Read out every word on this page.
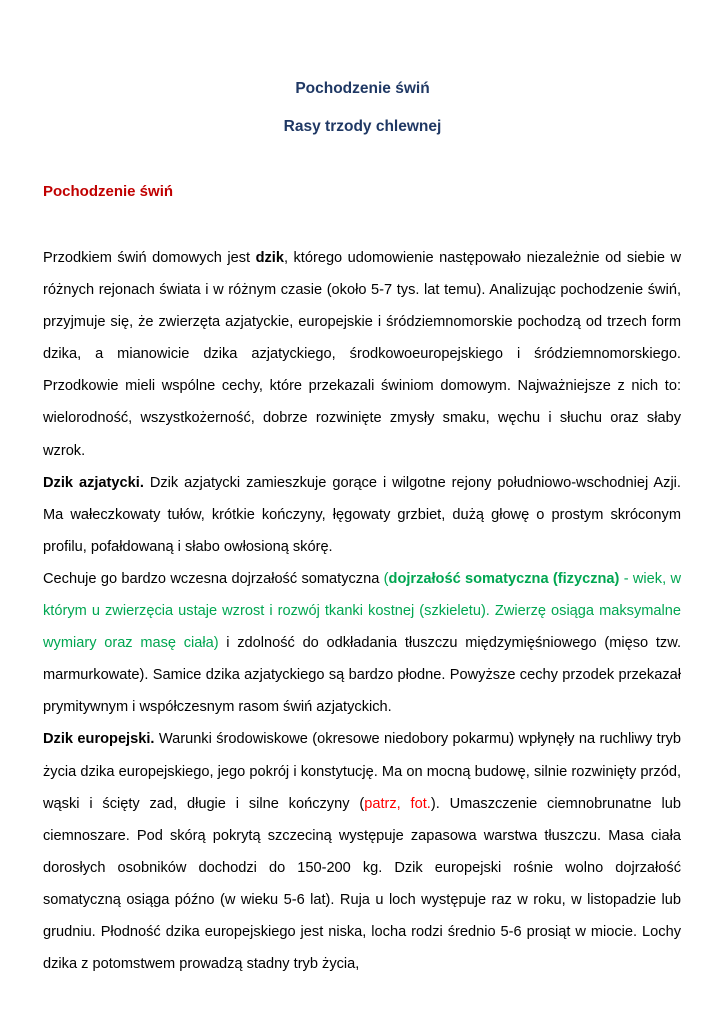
Pochodzenie świń
Rasy trzody chlewnej
Pochodzenie świń

Przodkiem świń domowych jest dzik, którego udomowienie następowało niezależnie od siebie w różnych rejonach świata i w różnym czasie (około 5-7 tys. lat temu). Analizując pochodzenie świń, przyjmuje się, że zwierzęta azjatyckie, europejskie i śródziemnomorskie pochodzą od trzech form dzika, a mianowicie dzika azjatyckiego, środkowoeuropejskiego i śródziemnomorskiego. Przodkowie mieli wspólne cechy, które przekazali świniom domowym. Najważniejsze z nich to: wielorodność, wszystkożerność, dobrze rozwinięte zmysły smaku, węchu i słuchu oraz słaby wzrok.

Dzik azjatycki. Dzik azjatycki zamieszkuje gorące i wilgotne rejony południowo-wschodniej Azji. Ma wałeczkowaty tułów, krótkie kończyny, łęgowaty grzbiet, dużą głowę o prostym skróconym profilu, pofałdowaną i słabo owłosioną skórę.

Cechuje go bardzo wczesna dojrzałość somatyczna (dojrzałość somatyczna (fizyczna) - wiek, w którym u zwierzęcia ustaje wzrost i rozwój tkanki kostnej (szkieletu). Zwierzę osiąga maksymalne wymiary oraz masę ciała) i zdolność do odkładania tłuszczu międzymięśniowego (mięso tzw. marmurkowate). Samice dzika azjatyckiego są bardzo płodne. Powyższe cechy przodek przekazał prymitywnym i współczesnym rasom świń azjatyckich.

Dzik europejski. Warunki środowiskowe (okresowe niedobory pokarmu) wpłynęły na ruchliwy tryb życia dzika europejskiego, jego pokrój i konstytucję. Ma on mocną budowę, silnie rozwinięty przód, wąski i ścięty zad, długie i silne kończyny (patrz, fot.). Umaszczenie ciemnobrunatne lub ciemnoszare. Pod skórą pokrytą szczeciną występuje zapasowa warstwa tłuszczu. Masa ciała dorosłych osobników dochodzi do 150-200 kg. Dzik europejski rośnie wolno dojrzałość somatyczną osiąga późno (w wieku 5-6 lat). Ruja u loch występuje raz w roku, w listopadzie lub grudniu. Płodność dzika europejskiego jest niska, locha rodzi średnio 5-6 prosiąt w miocie. Lochy dzika z potomstwem prowadzą stadny tryb życia,
